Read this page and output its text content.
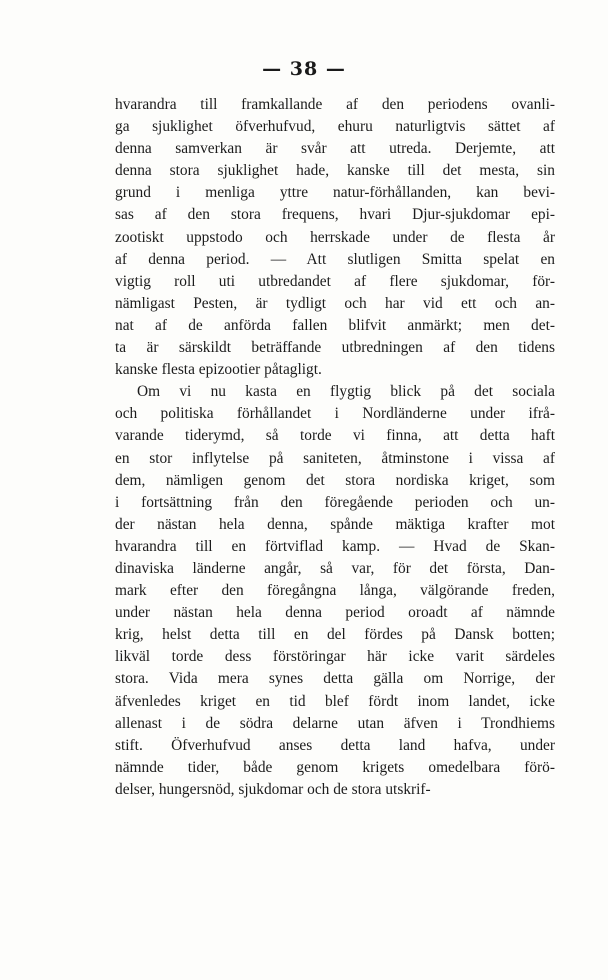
— 38 —
hvarandra till framkallande af den periodens ovanli-
ga sjuklighet öfverhufvud, ehuru naturligtvis sättet af
denna samverkan är svår att utreda. Derjemte, att
denna stora sjuklighet hade, kanske till det mesta, sin
grund i menliga yttre natur-förhållanden, kan bevi-
sas af den stora frequens, hvari Djur-sjukdomar epi-
zootiskt uppstodo och herrskade under de flesta år
af denna period. — Att slutligen Smitta spelat en
vigtig roll uti utbredandet af flere sjukdomar, för-
nämligast Pesten, är tydligt och har vid ett och an-
nat af de anförda fallen blifvit anmärkt; men det-
ta är särskildt beträffande utbredningen af den tidens
kanske flesta epizootier påtagligt.
Om vi nu kasta en flygtig blick på det sociala
och politiska förhållandet i Nordländerne under ifrå-
varande tiderymd, så torde vi finna, att detta haft
en stor inflytelse på saniteten, åtminstone i vissa af
dem, nämligen genom det stora nordiska kriget, som
i fortsättning från den föregående perioden och un-
der nästan hela denna, spånde mäktiga krafter mot
hvarandra till en förtviflad kamp. — Hvad de Skan-
dinaviska länderne angår, så var, för det första, Dan-
mark efter den föregångna långa, välgörande freden,
under nästan hela denna period oroadt af nämnde
krig, helst detta till en del fördes på Dansk botten;
likväl torde dess förstöringar här icke varit särdeles
stora. Vida mera synes detta gälla om Norrige, der
äfvenledes kriget en tid blef fördt inom landet, icke
allenast i de södra delarne utan äfven i Trondhiems
stift. Öfverhufvud anses detta land hafva, under
nämnde tider, både genom krigets omedelbara förö-
delser, hungersnöd, sjukdomar och de stora utskrif-
